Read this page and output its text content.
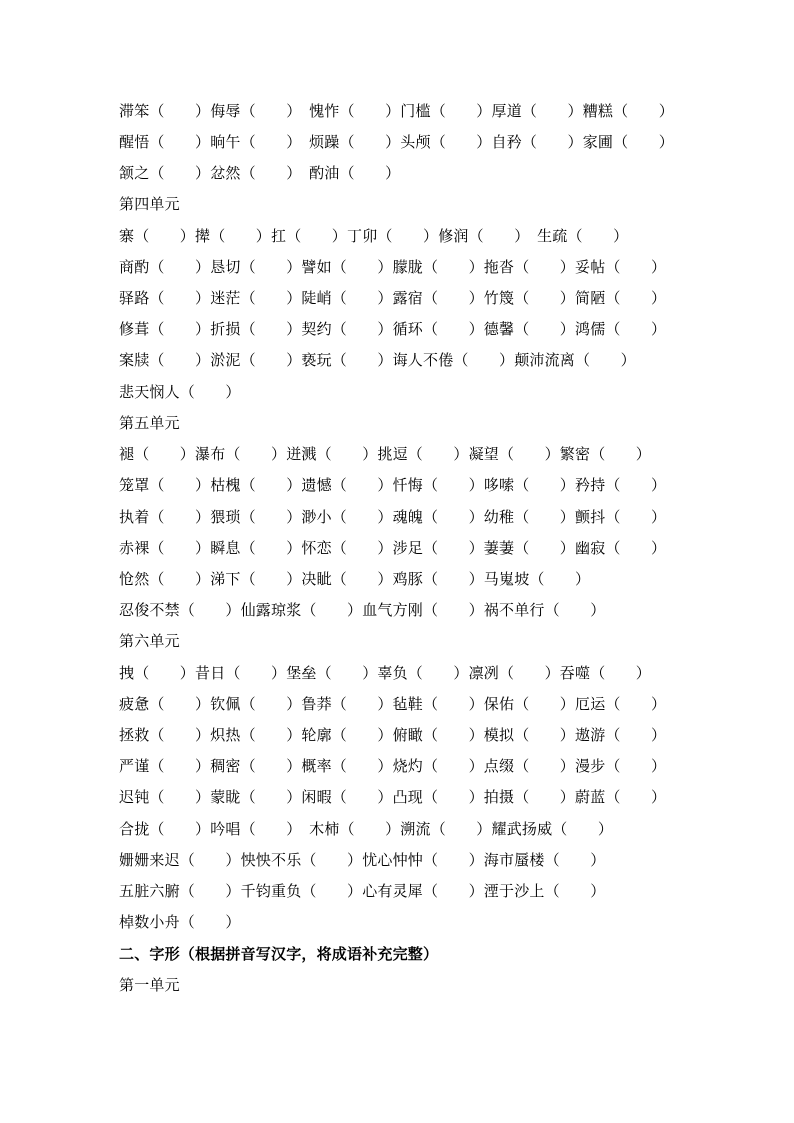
滞笨（　　）侮辱（　　）　愧怍（　　）门槛（　　）厚道（　　）糟糕（　　）
醒悟（　　）晌午（　　）　烦躁（　　）头颅（　　）自矜（　　）家圃（　　）
颔之（　　）忿然（　　）　酌油（　　）
第四单元
寨（　　）撵（　　）扛（　　）丁卯（　　）修润（　　）　生疏（　　）
商酌（　　）恳切（　　）譬如（　　）朦胧（　　）拖沓（　　）妥帖（　　）
驿路（　　）迷茫（　　）陡峭（　　）露宿（　　）竹篾（　　）简陋（　　）
修葺（　　）折损（　　）契约（　　）循环（　　）德馨（　　）鸿儒（　　）
案牍（　　）淤泥（　　）亵玩（　　）诲人不倦（　　）颠沛流离（　　）
悲天悯人（　　）
第五单元
褪（　　）瀑布（　　）迸溅（　　）挑逗（　　）凝望（　　）繁密（　　）
笼罩（　　）枯槐（　　）遗憾（　　）忏悔（　　）哆嗦（　　）矜持（　　）
执着（　　）猥琐（　　）渺小（　　）魂魄（　　）幼稚（　　）颤抖（　　）
赤裸（　　）瞬息（　　）怀恋（　　）涉足（　　）萋萋（　　）幽寂（　　）
怆然（　　）涕下（　　）决眦（　　）鸡豚（　　）马嵬坡（　　）
忍俊不禁（　　）仙露琼浆（　　）血气方刚（　　）祸不单行（　　）
第六单元
拽（　　）昔日（　　）堡垒（　　）辜负（　　）凛冽（　　）吞噬（　　）
疲惫（　　）钦佩（　　）鲁莽（　　）毡鞋（　　）保佑（　　）厄运（　　）
拯救（　　）炽热（　　）轮廓（　　）俯瞰（　　）模拟（　　）遨游（　　）
严谨（　　）稠密（　　）概率（　　）烧灼（　　）点缀（　　）漫步（　　）
迟钝（　　）蒙眬（　　）闲暇（　　）凸现（　　）拍摄（　　）蔚蓝（　　）
合拢（　　）吟唱（　　）　木柿（　　）溯流（　　）耀武扬威（　　）
姗姗来迟（　　）怏怏不乐（　　）忧心忡忡（　　）海市蜃楼（　　）
五脏六腑（　　）千钧重负（　　）心有灵犀（　　）湮于沙上（　　）
棹数小舟（　　）
二、字形（根据拼音写汉字，将成语补充完整）
第一单元
